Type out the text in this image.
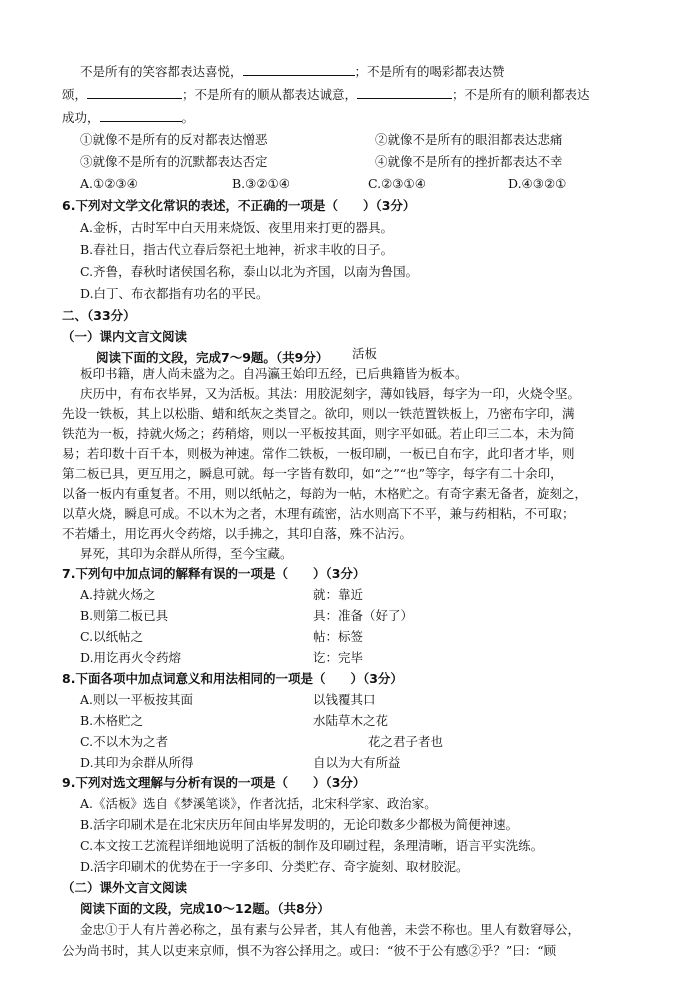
不是所有的笑容都表达喜悦，	；不是所有的喝彩都表达赞
颂，	；不是所有的顺从都表达诚意，	；不是所有的顺利都表达
成功，	。
①就像不是所有的反对都表达憎恶	②就像不是所有的眼泪都表达悲痛
③就像不是所有的沉默都表达否定	④就像不是所有的挫折都表达不幸
A.①②③④	B.③②①④	C.②③①④	D.④③②①
6.下列对文学文化常识的表述，不正确的一项是（　　）（3分）
A.金柝，古时军中白天用来烧饭、夜里用来打更的器具。
B.春社日，指古代立春后祭祀土地神，祈求丰收的日子。
C.齐鲁，春秋时诸侯国名称，泰山以北为齐国，以南为鲁国。
D.白丁、布衣都指有功名的平民。
二、（33分）
（一）课内文言文阅读
阅读下面的文段，完成7～9题。（共9分） 活板
板印书籍，唐人尚未盛为之。自冯瀛王始印五经，已后典籍皆为板本。
庆历中，有布衣毕昇，又为活板。其法：用胶泥刻字，薄如钱唇，每字为一印，火烧令坚。
先设一铁板，其上以松脂、蜡和纸灰之类冒之。欲印，则以一铁范置铁板上，乃密布字印，满
铁范为一板，持就火炀之；药稍熔，则以一平板按其面，则字平如砥。若止印三二本，未为简
易；若印数十百千本，则极为神速。常作二铁板，一板印刷，一板已自布字，此印者才毕，则
第二板已具，更互用之，瞬息可就。每一字皆有数印，如“之”“也”等字，每字有二十余印，
以备一板内有重复者。不用，则以纸帖之，每韵为一帖，木格贮之。有奇字素无备者，旋刻之，
以草火烧，瞬息可成。不以木为之者，木理有疏密，沾水则高下不平，兼与药相粘，不可取；
不若燔土，用讫再火令药熔，以手拂之，其印自落，殊不沾污。
昇死，其印为余群从所得，至今宝藏。
7.下列句中加点词的解释有误的一项是（　　）（3分）
A.持就火炀之	就：靠近
B.则第二板已具	具：准备（好了）
C.以纸帖之	帖：标签
D.用讫再火令药熔	讫：完毕
8.下面各项中加点词意义和用法相同的一项是（　　）（3分）
A.则以一平板按其面	以钱覆其口
B.木格贮之	水陆草木之花
C.不以木为之者	花之君子者也
D.其印为余群从所得	自以为大有所益
9.下列对选文理解与分析有误的一项是（　　）（3分）
A.《活板》选自《梦溪笔谈》，作者沈括，北宋科学家、政治家。
B.活字印刷术是在北宋庆历年间由毕昇发明的，无论印数多少都极为简便神速。
C.本文按工艺流程详细地说明了活板的制作及印刷过程，条理清晰，语言平实洗练。
D.活字印刷术的优势在于一字多印、分类贮存、奇字旋刻、取材胶泥。
（二）课外文言文阅读
阅读下面的文段，完成10～12题。（共8分）
金忠①于人有片善必称之，虽有素与公异者，其人有他善，未尝不称也。里人有数窘辱公，
公为尚书时，其人以吏来京师，惧不为容公择用之。或曰：“彼不于公有感②乎？”曰：“顾
